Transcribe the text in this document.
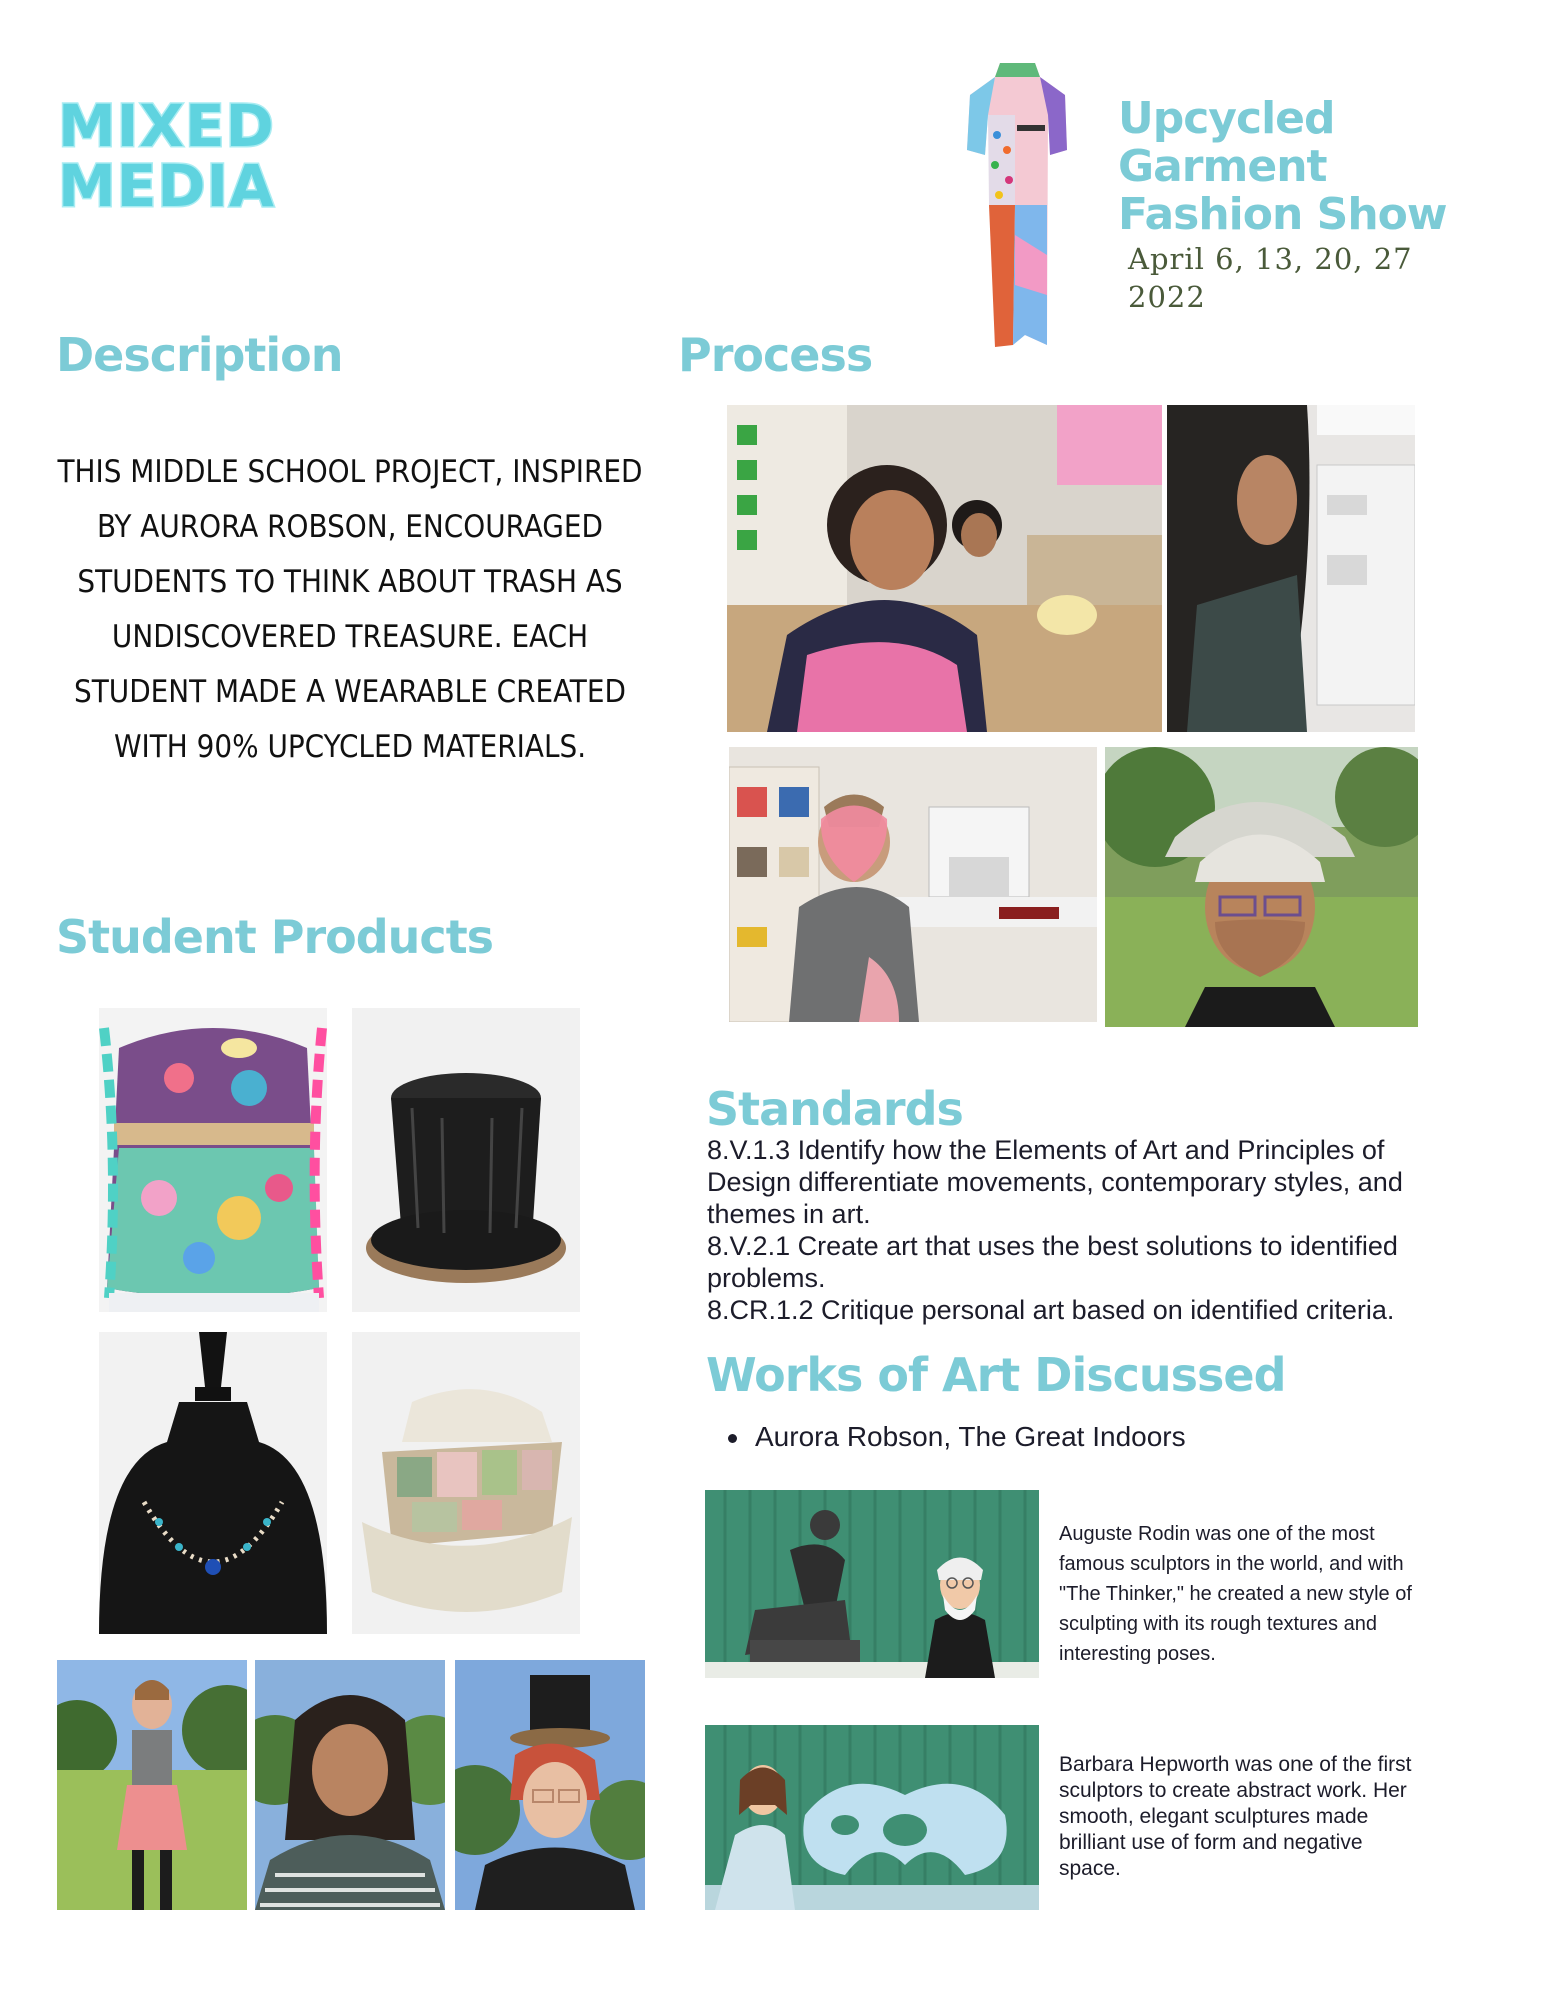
MIXED
MEDIA
Upcycled
Garment
Fashion Show
April 6, 13, 20, 27
2022
Description
THIS MIDDLE SCHOOL PROJECT, INSPIRED
BY AURORA ROBSON, ENCOURAGED
STUDENTS TO THINK ABOUT TRASH AS
UNDISCOVERED TREASURE. EACH
STUDENT MADE A WEARABLE CREATED
WITH 90% UPCYCLED MATERIALS.
Process
Student Products
Standards
8.V.1.3 Identify how the Elements of Art and Principles of
Design differentiate movements, contemporary styles, and
themes in art.
8.V.2.1 Create art that uses the best solutions to identified
problems.
8.CR.1.2 Critique personal art based on identified criteria.
Works of Art Discussed
Aurora Robson, The Great Indoors
Auguste Rodin was one of the most
famous sculptors in the world, and with
"The Thinker," he created a new style of
sculpting with its rough textures and
interesting poses.
Barbara Hepworth was one of the first
sculptors to create abstract work. Her
smooth, elegant sculptures made
brilliant use of form and negative
space.
